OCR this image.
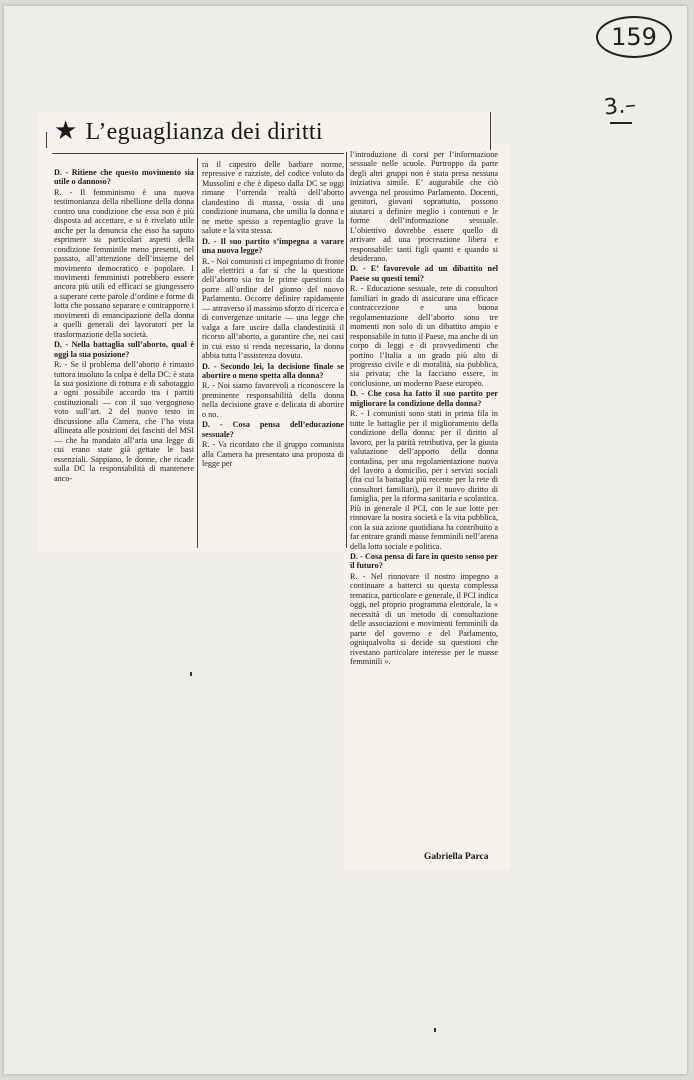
159
3.–
★ L’eguaglianza dei diritti

D. - Ritiene che questo movimento sia utile o dannoso?

R. - Il femminismo è una nuova testimonianza della ribellione della donna contro una condizione che essa non è più disposta ad accettare, e si è rivelato utile anche per la denuncia che esso ha saputo esprimere su particolari aspetti della condizione femminile meno presenti, nel passato, all’attenzione dell’insieme del movimento democratico e popolare. I movimenti femministi potrebbero essere ancora più utili ed efficaci se giungessero a superare certe parole d’ordine e forme di lotta che possano separare e contrapporre i movimenti di emancipazione della donna a quelli generali dei lavoratori per la trasformazione della società.

D. - Nella battaglia sull’aborto, qual è oggi la sua posizione?

R. - Se il problema dell’aborto è rimasto tuttora insoluto la colpa è della DC: è stata la sua posizione di rottura e di sabotaggio a ogni possibile accordo tra i partiti costituzionali — con il suo vergognoso voto sull’art. 2 del nuovo testo in discussione alla Camera, che l’ha vista allineata alle posizioni dei fascisti del MSI — che ha mandato all’aria una legge di cui erano state già gettate le basi essenziali. Sappiano, le donne, che ricade sulla DC la responsabilità di mantenere anco-

ra il capestro delle barbare norme, repressive e razziste, del codice voluto da Mussolini e che è dipeso dalla DC se oggi rimane l’orrenda realtà dell’aborto clandestino di massa, ossia di una condizione inumana, che umilia la donna e ne mette spesso a repentaglio grave la salute e la vita stessa.

D. - Il suo partito s’impegna a varare una nuova legge?

R. - Noi comunisti ci impegniamo di fronte alle elettrici a far sì che la questione dell’aborto sia tra le prime questioni da porre all’ordine del giorno del nuovo Parlamento. Occorre definire rapidamente — attraverso il massimo sforzo di ricerca e di convergenze unitarie — una legge che valga a fare uscire dalla clandestinità il ricorso all’aborto, a garantire che, nei casi in cui esso si renda necessario, la donna abbia tutta l’assistenza dovuta.

D. - Secondo lei, la decisione finale se abortire o meno spetta alla donna?

R. - Noi siamo favorevoli a riconoscere la preminente responsabilità della donna nella decisione grave e delicata di abortire o no.

D. - Cosa pensa dell’educazione sessuale?

R. - Va ricordato che il gruppo comunista alla Camera ha presentato una proposta di legge per

l’introduzione di corsi per l’informazione sessuale nelle scuole. Purtroppo da parte degli altri gruppi non è stata presa nessuna iniziativa simile. E’ augurabile che ciò avvenga nel prossimo Parlamento. Docenti, genitori, giovani soprattutto, possono aiutarci a definire meglio i contenuti e le forme dell’informazione sessuale. L’obiettivo dovrebbe essere quello di arrivare ad una procreazione libera e responsabile: tanti figli quanti e quando si desiderano.

D. - E’ favorevole ad un dibattito nel Paese su questi temi?

R. - Educazione sessuale, rete di consultori familiari in grado di assicurare una efficace contraccezione e una buona regolamentazione dell’aborto sono tre momenti non solo di un dibattito ampio e responsabile in tutto il Paese, ma anche di un corpo di leggi e di provvedimenti che portino l’Italia a un grado più alto di progresso civile e di moralità, sia pubblica, sia privata; che la facciano essere, in conclusione, un moderno Paese europeo.

D. - Che cosa ha fatto il suo partito per migliorare la condizione della donna?

R. - I comunisti sono stati in prima fila in tutte le battaglie per il miglioramento della condizione della donna: per il diritto al lavoro, per la parità retributiva, per la giusta valutazione dell’apporto della donna contadina, per una regolamentazione nuova del lavoro a domicilio, per i servizi sociali (fra cui la battaglia più recente per la rete di consultori familiari), per il nuovo diritto di famiglia, per la riforma sanitaria e scolastica. Più in generale il PCI, con le sue lotte per rinnovare la nostra società e la vita pubblica, con la sua azione quotidiana ha contribuito a far entrare grandi masse femminili nell’arena della lotta sociale e politica.

D. - Cosa pensa di fare in questo senso per il futuro?

R. - Nel rinnovare il nostro impegno a continuare a batterci su questa complessa tematica, particolare e generale, il PCI indica oggi, nel proprio programma elettorale, la « necessità di un metodo di consultazione delle associazioni e movimenti femminili da parte del governo e del Parlamento, ogniqualvolta si decide su questioni che rivestano particolare interesse per le masse femminili ».

Gabriella Parca
